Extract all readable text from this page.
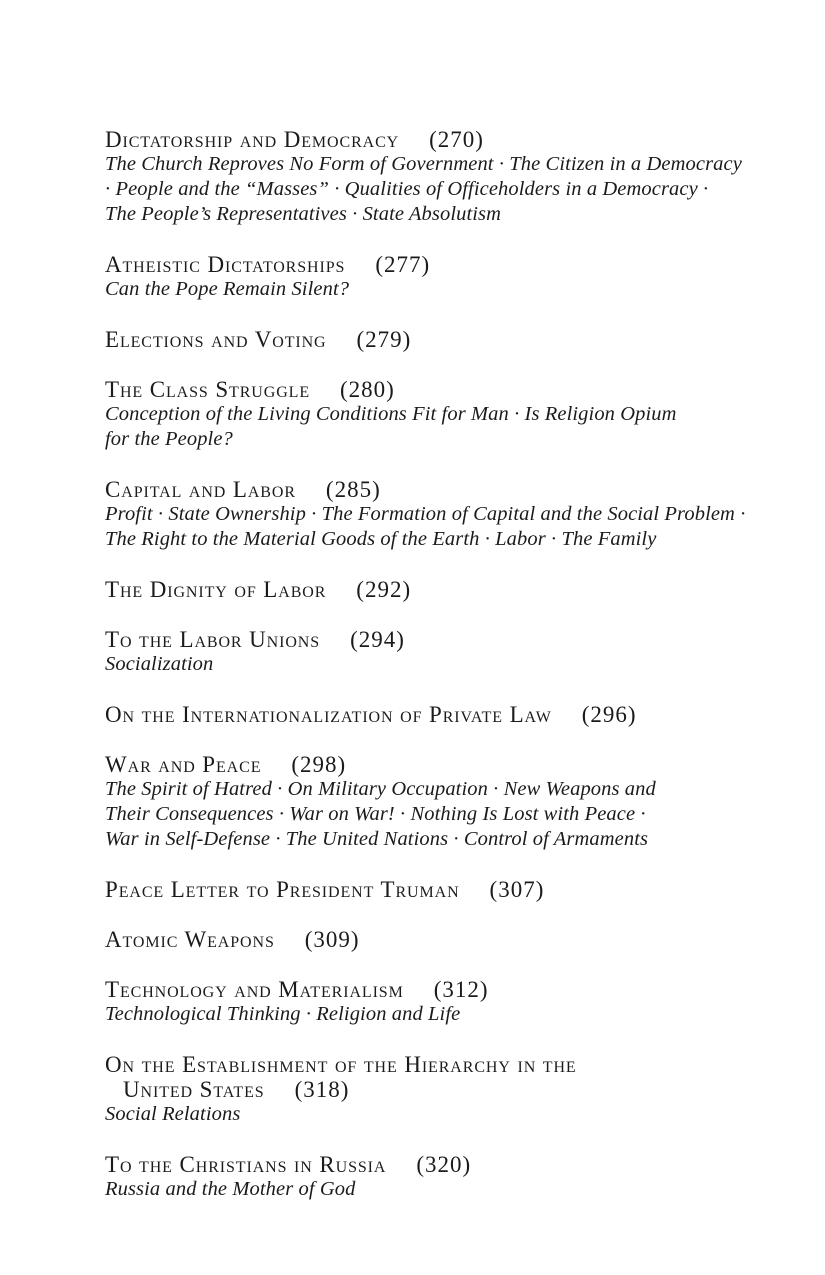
Dictatorship and Democracy (270)
The Church Reproves No Form of Government · The Citizen in a Democracy
· People and the “Masses” · Qualities of Officeholders in a Democracy ·
The People’s Representatives · State Absolutism
Atheistic Dictatorships (277)
Can the Pope Remain Silent?
Elections and Voting (279)
The Class Struggle (280)
Conception of the Living Conditions Fit for Man · Is Religion Opium
for the People?
Capital and Labor (285)
Profit · State Ownership · The Formation of Capital and the Social Problem ·
The Right to the Material Goods of the Earth · Labor · The Family
The Dignity of Labor (292)
To the Labor Unions (294)
Socialization
On the Internationalization of Private Law (296)
War and Peace (298)
The Spirit of Hatred · On Military Occupation · New Weapons and
Their Consequences · War on War! · Nothing Is Lost with Peace ·
War in Self-Defense · The United Nations · Control of Armaments
Peace Letter to President Truman (307)
Atomic Weapons (309)
Technology and Materialism (312)
Technological Thinking · Religion and Life
On the Establishment of the Hierarchy in the
United States (318)
Social Relations
To the Christians in Russia (320)
Russia and the Mother of God
